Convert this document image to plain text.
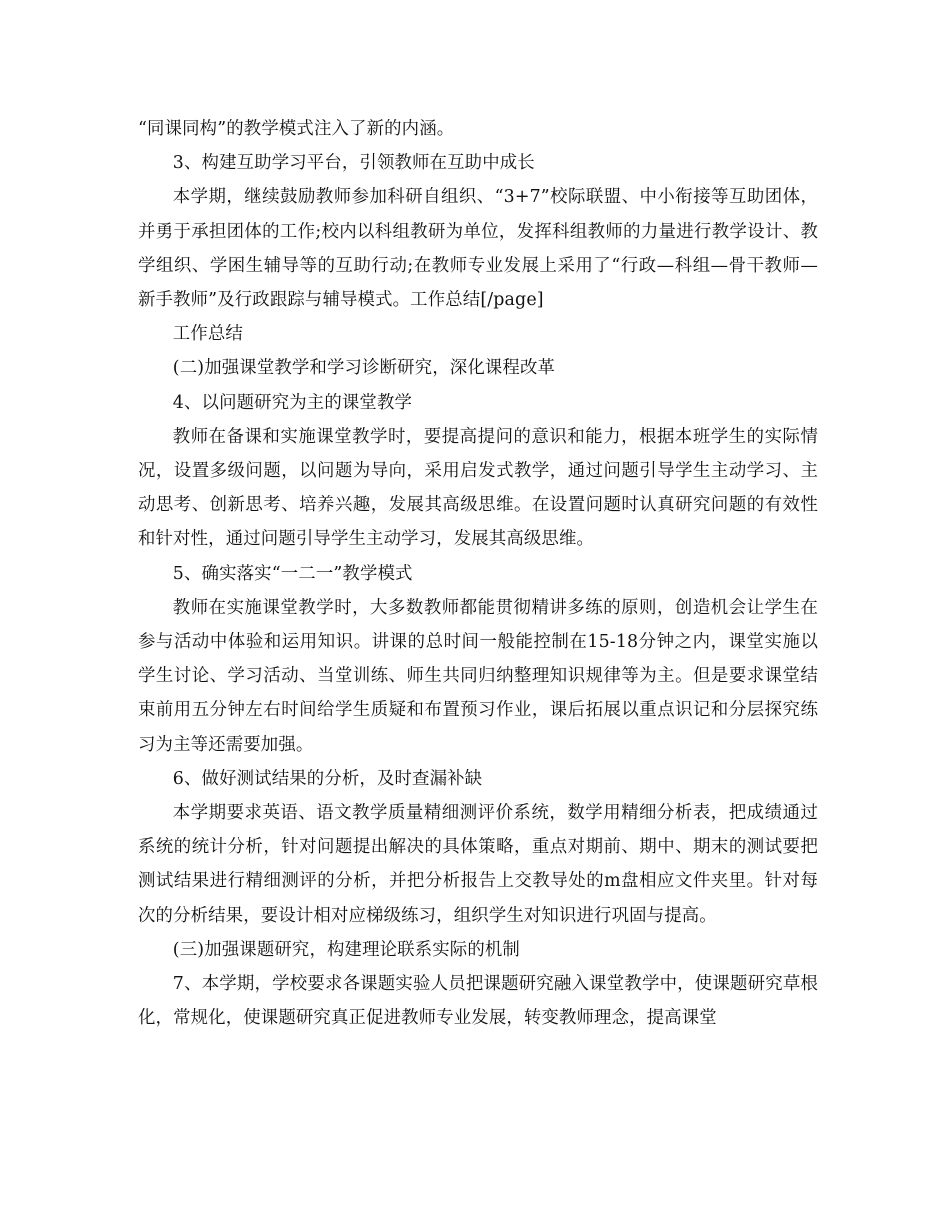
“同课同构”的教学模式注入了新的内涵。

3、构建互助学习平台，引领教师在互助中成长

本学期，继续鼓励教师参加科研自组织、“3+7”校际联盟、中小衔接等互助团体，并勇于承担团体的工作;校内以科组教研为单位，发挥科组教师的力量进行教学设计、教学组织、学困生辅导等的互助行动;在教师专业发展上采用了“行政—科组—骨干教师—新手教师”及行政跟踪与辅导模式。工作总结[/page]

工作总结

(二)加强课堂教学和学习诊断研究，深化课程改革

4、以问题研究为主的课堂教学

教师在备课和实施课堂教学时，要提高提问的意识和能力，根据本班学生的实际情况，设置多级问题，以问题为导向，采用启发式教学，通过问题引导学生主动学习、主动思考、创新思考、培养兴趣，发展其高级思维。在设置问题时认真研究问题的有效性和针对性，通过问题引导学生主动学习，发展其高级思维。

5、确实落实“一二一”教学模式

教师在实施课堂教学时，大多数教师都能贯彻精讲多练的原则，创造机会让学生在参与活动中体验和运用知识。讲课的总时间一般能控制在15-18分钟之内，课堂实施以学生讨论、学习活动、当堂训练、师生共同归纳整理知识规律等为主。但是要求课堂结束前用五分钟左右时间给学生质疑和布置预习作业，课后拓展以重点识记和分层探究练习为主等还需要加强。

6、做好测试结果的分析，及时查漏补缺

本学期要求英语、语文教学质量精细测评价系统，数学用精细分析表，把成绩通过系统的统计分析，针对问题提出解决的具体策略，重点对期前、期中、期末的测试要把测试结果进行精细测评的分析，并把分析报告上交教导处的m盘相应文件夹里。针对每次的分析结果，要设计相对应梯级练习，组织学生对知识进行巩固与提高。

(三)加强课题研究，构建理论联系实际的机制

7、本学期，学校要求各课题实验人员把课题研究融入课堂教学中，使课题研究草根化，常规化，使课题研究真正促进教师专业发展，转变教师理念，提高课堂
